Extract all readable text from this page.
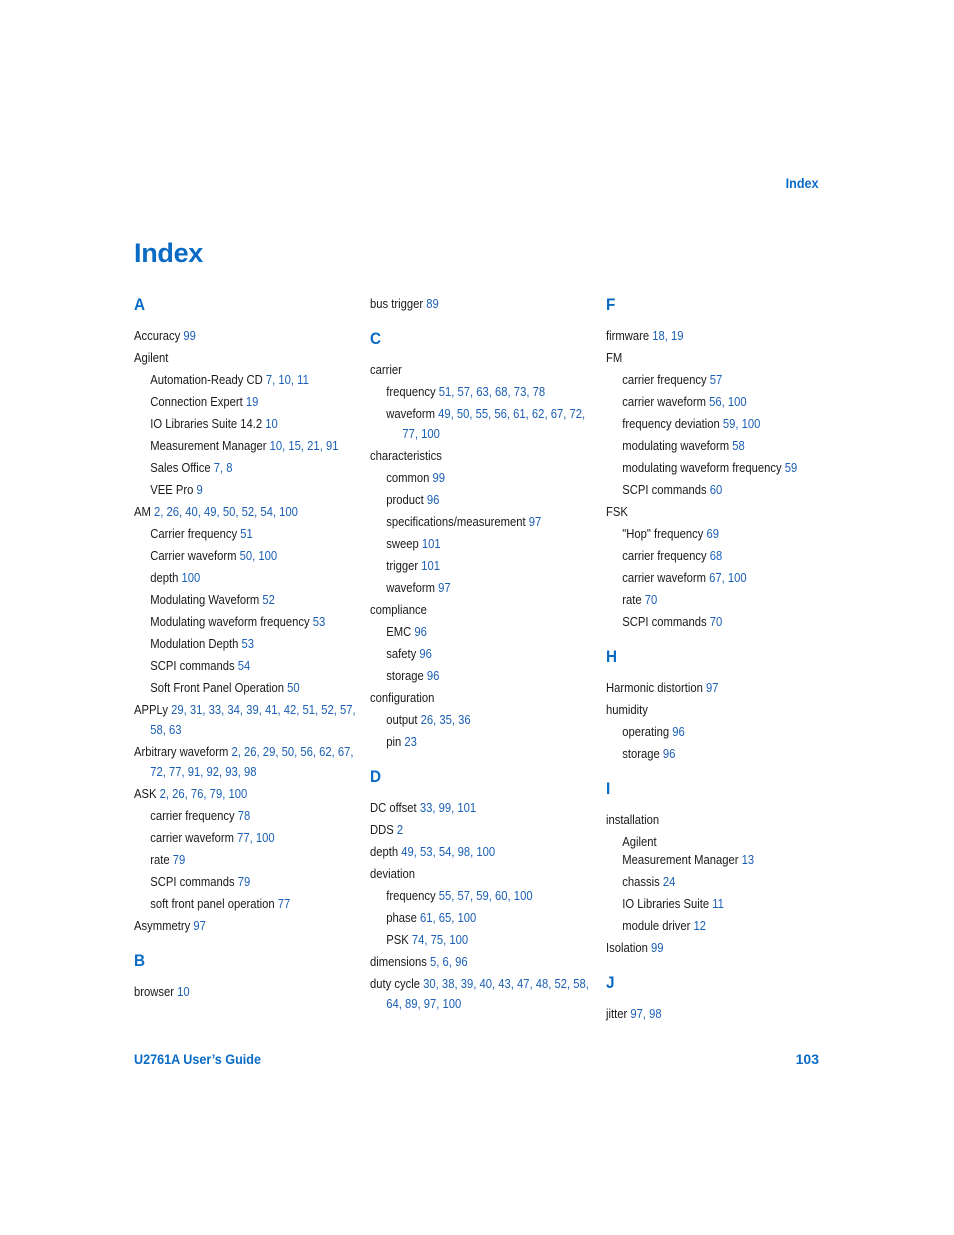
Index
Index
A
Accuracy 99
Agilent
Automation-Ready CD 7, 10, 11
Connection Expert 19
IO Libraries Suite 14.2 10
Measurement Manager 10, 15, 21, 91
Sales Office 7, 8
VEE Pro 9
AM 2, 26, 40, 49, 50, 52, 54, 100
Carrier frequency 51
Carrier waveform 50, 100
depth 100
Modulating Waveform 52
Modulating waveform frequency 53
Modulation Depth 53
SCPI commands 54
Soft Front Panel Operation 50
APPLy 29, 31, 33, 34, 39, 41, 42, 51, 52, 57, 58, 63
Arbitrary waveform 2, 26, 29, 50, 56, 62, 67, 72, 77, 91, 92, 93, 98
ASK 2, 26, 76, 79, 100
carrier frequency 78
carrier waveform 77, 100
rate 79
SCPI commands 79
soft front panel operation 77
Asymmetry 97
B
browser 10
bus trigger 89
C
carrier
frequency 51, 57, 63, 68, 73, 78
waveform 49, 50, 55, 56, 61, 62, 67, 72, 77, 100
characteristics
common 99
product 96
specifications/measurement 97
sweep 101
trigger 101
waveform 97
compliance
EMC 96
safety 96
storage 96
configuration
output 26, 35, 36
pin 23
D
DC offset 33, 99, 101
DDS 2
depth 49, 53, 54, 98, 100
deviation
frequency 55, 57, 59, 60, 100
phase 61, 65, 100
PSK 74, 75, 100
dimensions 5, 6, 96
duty cycle 30, 38, 39, 40, 43, 47, 48, 52, 58, 64, 89, 97, 100
F
firmware 18, 19
FM
carrier frequency 57
carrier waveform 56, 100
frequency deviation 59, 100
modulating waveform 58
modulating waveform frequency 59
SCPI commands 60
FSK
"Hop" frequency 69
carrier frequency 68
carrier waveform 67, 100
rate 70
SCPI commands 70
H
Harmonic distortion 97
humidity
operating 96
storage 96
I
installation
Agilent
Measurement Manager 13
chassis 24
IO Libraries Suite 11
module driver 12
Isolation 99
J
jitter 97, 98
U2761A User’s Guide	103
